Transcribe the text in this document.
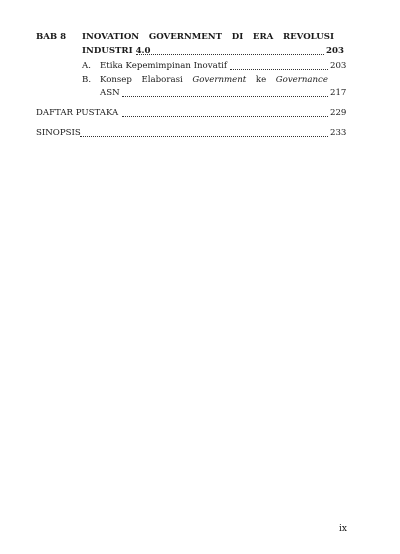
BAB 8 INOVATION GOVERNMENT DI ERA REVOLUSI
INDUSTRI 4.0	203
A. Etika Kepemimpinan Inovatif	203
B. Konsep Elaborasi Government ke Governance
ASN	217
DAFTAR PUSTAKA	229
SINOPSIS	233
ix
